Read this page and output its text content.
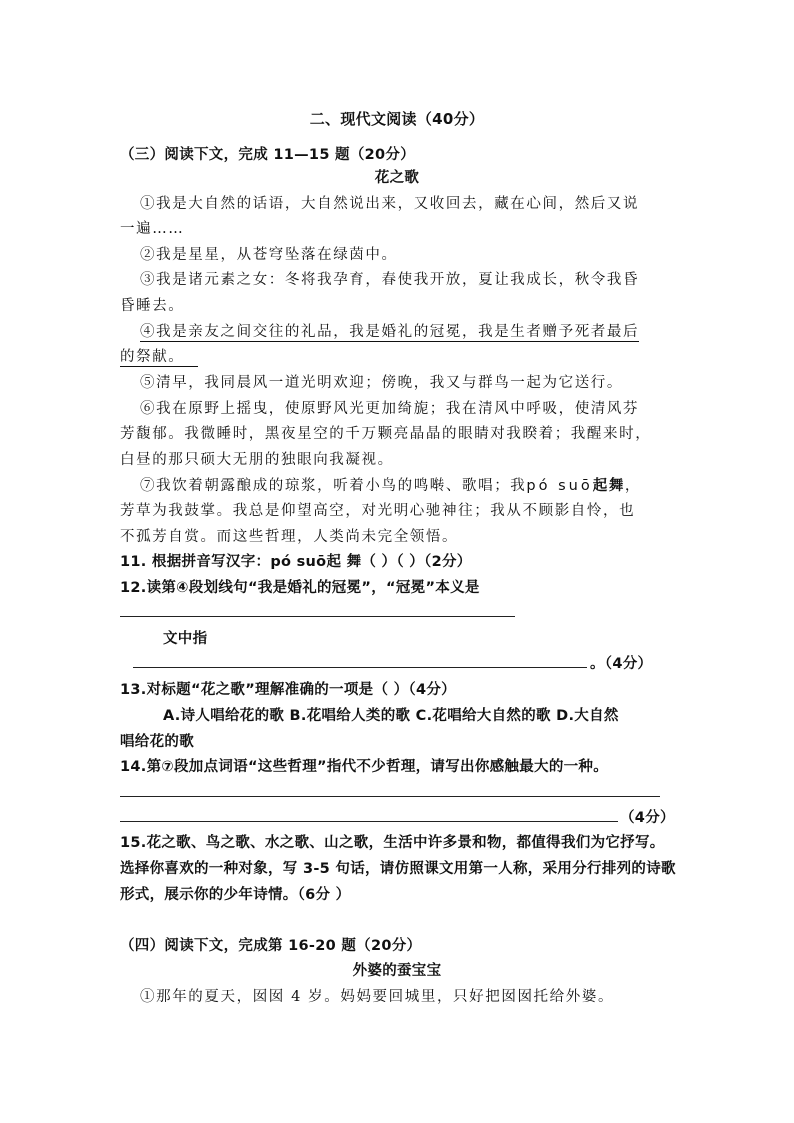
二、现代文阅读（40分）
（三）阅读下文，完成 11—15 题（20分）
花之歌
①我是大自然的话语，大自然说出来，又收回去，藏在心间，然后又说
一遍……
②我是星星，从苍穹坠落在绿茵中。
③我是诸元素之女：冬将我孕育，春使我开放，夏让我成长，秋令我昏
昏睡去。
④我是亲友之间交往的礼品，我是婚礼的冠冕，我是生者赠予死者最后
的祭献。
⑤清早，我同晨风一道光明欢迎；傍晚，我又与群鸟一起为它送行。
⑥我在原野上摇曳，使原野风光更加绮旎；我在清风中呼吸，使清风芬
芳馥郁。我微睡时，黑夜星空的千万颗亮晶晶的眼睛对我睽着；我醒来时，
白昼的那只硕大无朋的独眼向我凝视。
⑦我饮着朝露酿成的琼浆，听着小鸟的鸣啭、歌唱；我pó suō起舞，
芳草为我鼓掌。我总是仰望高空，对光明心驰神往；我从不顾影自怜，也
不孤芳自赏。而这些哲理，人类尚未完全领悟。
11. 根据拼音写汉字：pó suō起 舞（ ）（ ）（2分）
12.读第④段划线句“我是婚礼的冠冕”，“冠冕”本义是
文中指
。（4分）
13.对标题“花之歌”理解准确的一项是（ ）（4分）
A.诗人唱给花的歌 B.花唱给人类的歌 C.花唱给大自然的歌 D.大自然
唱给花的歌
14.第⑦段加点词语“这些哲理”指代不少哲理，请写出你感触最大的一种。
（4分）
15.花之歌、鸟之歌、水之歌、山之歌，生活中许多景和物，都值得我们为它抒写。
选择你喜欢的一种对象，写 3-5 句话，请仿照课文用第一人称，采用分行排列的诗歌
形式，展示你的少年诗情。（6分 ）
（四）阅读下文，完成第 16-20 题（20分）
外婆的蚕宝宝
①那年的夏天，囡囡 4 岁。妈妈要回城里，只好把囡囡托给外婆。
